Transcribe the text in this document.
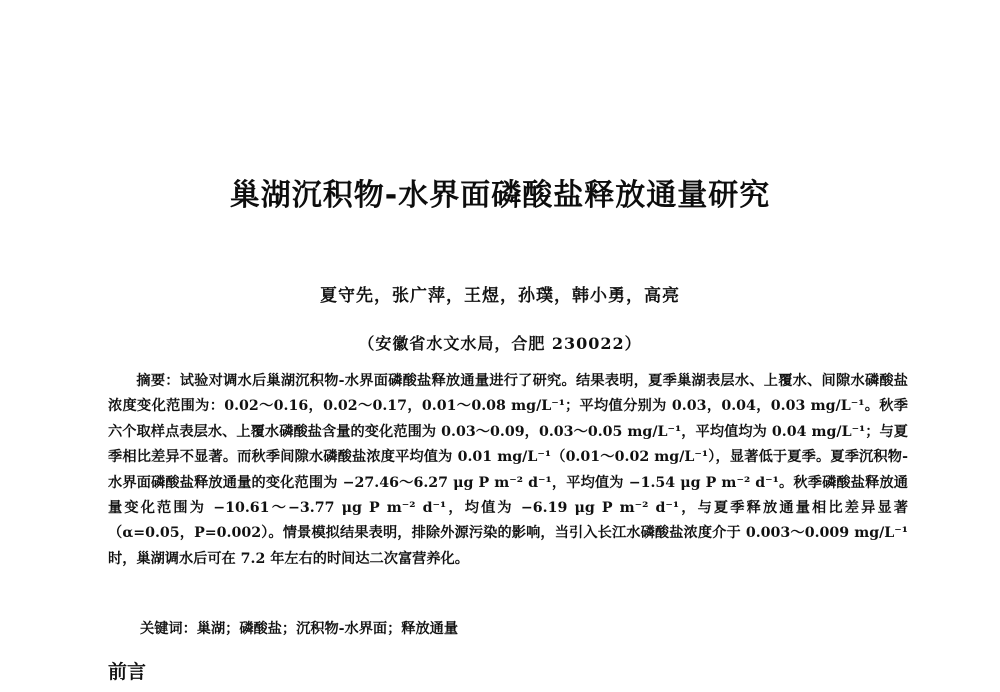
巢湖沉积物-水界面磷酸盐释放通量研究
夏守先，张广萍，王煜，孙璞，韩小勇，高亮
（安徽省水文水局，合肥 230022）

摘要：试验对调水后巢湖沉积物-水界面磷酸盐释放通量进行了研究。结果表明，夏季巢湖表层水、上覆水、间隙水磷酸盐浓度变化范围为：0.02～0.16，0.02～0.17，0.01～0.08 mg/L⁻¹；平均值分别为 0.03，0.04，0.03 mg/L⁻¹。秋季六个取样点表层水、上覆水磷酸盐含量的变化范围为 0.03～0.09，0.03～0.05 mg/L⁻¹，平均值均为 0.04 mg/L⁻¹；与夏季相比差异不显著。而秋季间隙水磷酸盐浓度平均值为 0.01 mg/L⁻¹（0.01～0.02 mg/L⁻¹），显著低于夏季。夏季沉积物-水界面磷酸盐释放通量的变化范围为 −27.46～6.27 μg P m⁻² d⁻¹，平均值为 −1.54 μg P m⁻² d⁻¹。秋季磷酸盐释放通量变化范围为 −10.61～−3.77 μg P m⁻² d⁻¹，均值为 −6.19 μg P m⁻² d⁻¹，与夏季释放通量相比差异显著（α=0.05，P=0.002）。情景模拟结果表明，排除外源污染的影响，当引入长江水磷酸盐浓度介于 0.003～0.009 mg/L⁻¹时，巢湖调水后可在 7.2 年左右的时间达二次富营养化。

关键词：巢湖；磷酸盐；沉积物-水界面；释放通量
前言
